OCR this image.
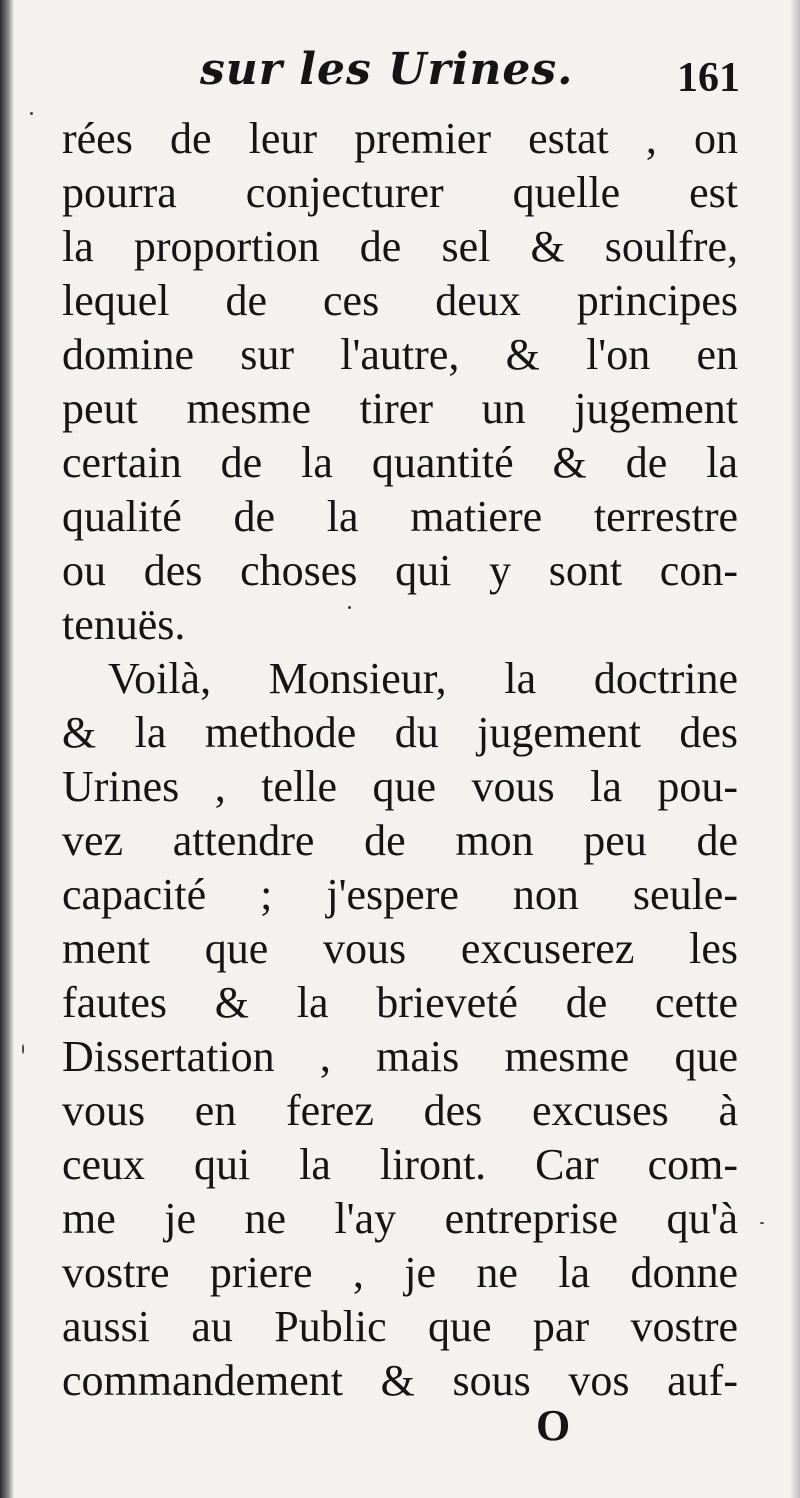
sur les Urines. 161
rées de leur premier estat , on
pourra conjecturer quelle est
la proportion de sel & soulfre,
lequel de ces deux principes
domine sur l'autre, & l'on en
peut mesme tirer un jugement
certain de la quantité & de la
qualité de la matiere terrestre
ou des choses qui y sont con-
tenuës.
Voilà, Monsieur, la doctrine
& la methode du jugement des
Urines , telle que vous la pou-
vez attendre de mon peu de
capacité ; j'espere non seule-
ment que vous excuserez les
fautes & la brieveté de cette
Dissertation , mais mesme que
vous en ferez des excuses à
ceux qui la liront. Car com-
me je ne l'ay entreprise qu'à
vostre priere , je ne la donne
aussi au Public que par vostre
commandement & sous vos auf-
O
